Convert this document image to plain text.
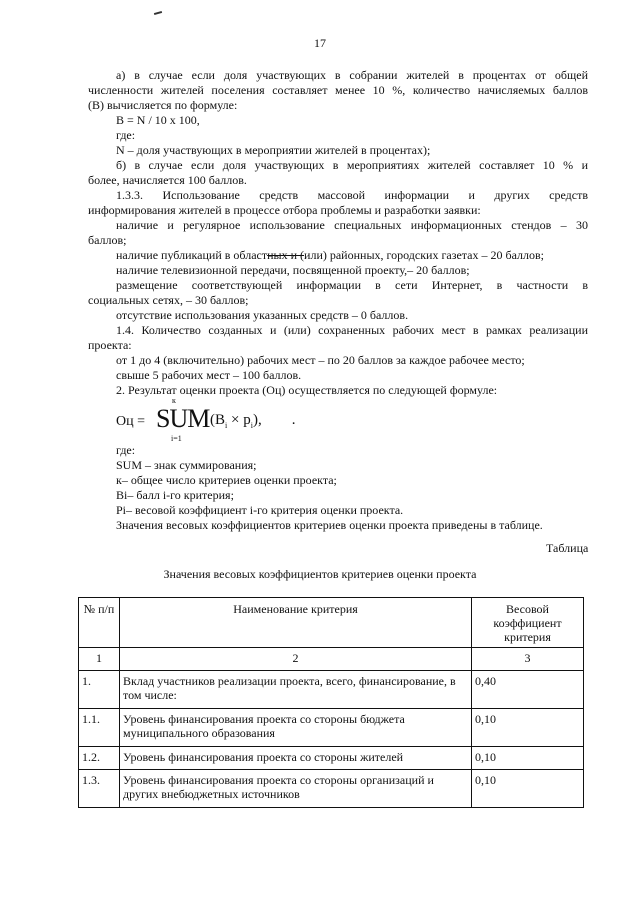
17
а) в случае если доля участвующих в собрании жителей в процентах от общей
численности жителей поселения составляет менее 10 %, количество начисляемых баллов
(В) вычисляется по формуле:
В = N / 10 х 100,
где:
N – доля участвующих в мероприятии жителей в процентах);
б) в случае если доля участвующих в мероприятиях жителей составляет 10 % и
более, начисляется 100 баллов.
1.3.3. Использование средств массовой информации и других средств
информирования жителей в процессе отбора проблемы и разработки заявки:
наличие и регулярное использование специальных информационных стендов – 30
баллов;
наличие публикаций в областных и (или) районных, городских газетах – 20 баллов;
наличие телевизионной передачи, посвященной проекту,– 20 баллов;
размещение соответствующей информации в сети Интернет, в частности в
социальных сетях, – 30 баллов;
отсутствие использования указанных средств – 0 баллов.
1.4. Количество созданных и (или) сохраненных рабочих мест в рамках реализации
проекта:
от 1 до 4 (включительно) рабочих мест – по 20 баллов за каждое рабочее место;
свыше 5 рабочих мест – 100 баллов.
2. Результат оценки проекта (Оц) осуществляется по следующей формуле:
Оц =
к
SUM
i=1
$(B_i \times p_i)$, .
где:
SUM – знак суммирования;
к– общее число критериев оценки проекта;
Bi– балл i-го критерия;
Pi– весовой коэффициент i-го критерия оценки проекта.
Значения весовых коэффициентов критериев оценки проекта приведены в таблице.
Таблица
Значения весовых коэффициентов критериев оценки проекта
№ п/п	Наименование критерия	Весовой коэффициент критерия
1	2	3
1.	Вклад участников реализации проекта, всего, финансирование, в том числе:	0,40
1.1.	Уровень финансирования проекта со стороны бюджета муниципального образования	0,10
1.2.	Уровень финансирования проекта со стороны жителей	0,10
1.3.	Уровень финансирования проекта со стороны организаций и других внебюджетных источников	0,10
